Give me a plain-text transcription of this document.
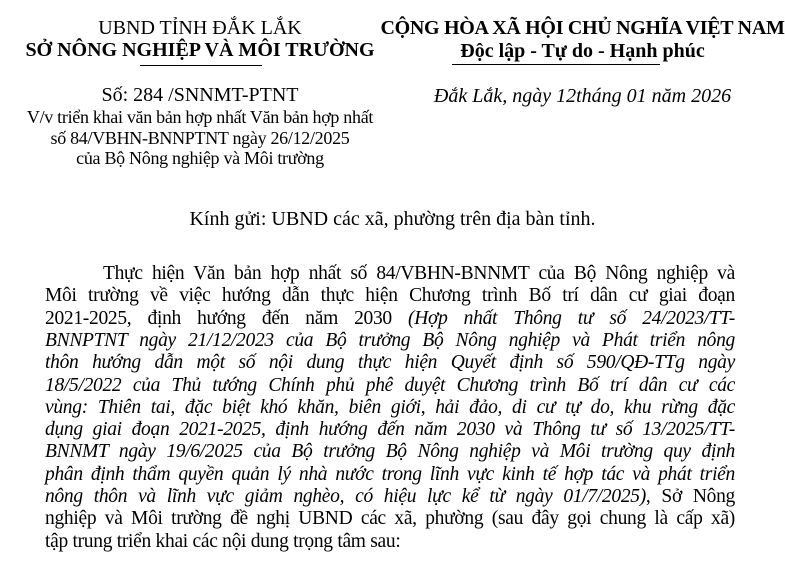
UBND TỈNH ĐẮK LẮK
SỞ NÔNG NGHIỆP VÀ MÔI TRƯỜNG
Số: 284 /SNNMT-PTNT
V/v triển khai văn bản hợp nhất Văn bản hợp nhất
số 84/VBHN-BNNPTNT ngày 26/12/2025
của Bộ Nông nghiệp và Môi trường
CỘNG HÒA XÃ HỘI CHỦ NGHĨA VIỆT NAM
Độc lập - Tự do - Hạnh phúc
Đắk Lắk, ngày 12tháng 01 năm 2026
Kính gửi: UBND các xã, phường trên địa bàn tỉnh.
Thực hiện Văn bản hợp nhất số 84/VBHN-BNNMT của Bộ Nông nghiệp và
Môi trường về việc hướng dẫn thực hiện Chương trình Bố trí dân cư giai đoạn
2021-2025, định hướng đến năm 2030 (Hợp nhất Thông tư số 24/2023/TT-
BNNPTNT ngày 21/12/2023 của Bộ trưởng Bộ Nông nghiệp và Phát triển nông
thôn hướng dẫn một số nội dung thực hiện Quyết định số 590/QĐ-TTg ngày
18/5/2022 của Thủ tướng Chính phủ phê duyệt Chương trình Bố trí dân cư các
vùng: Thiên tai, đặc biệt khó khăn, biên giới, hải đảo, di cư tự do, khu rừng đặc
dụng giai đoạn 2021-2025, định hướng đến năm 2030 và Thông tư số 13/2025/TT-
BNNMT ngày 19/6/2025 của Bộ trưởng Bộ Nông nghiệp và Môi trường quy định
phân định thẩm quyền quản lý nhà nước trong lĩnh vực kinh tế hợp tác và phát triển
nông thôn và lĩnh vực giảm nghèo, có hiệu lực kể từ ngày 01/7/2025), Sở Nông
nghiệp và Môi trường đề nghị UBND các xã, phường (sau đây gọi chung là cấp xã)
tập trung triển khai các nội dung trọng tâm sau:
